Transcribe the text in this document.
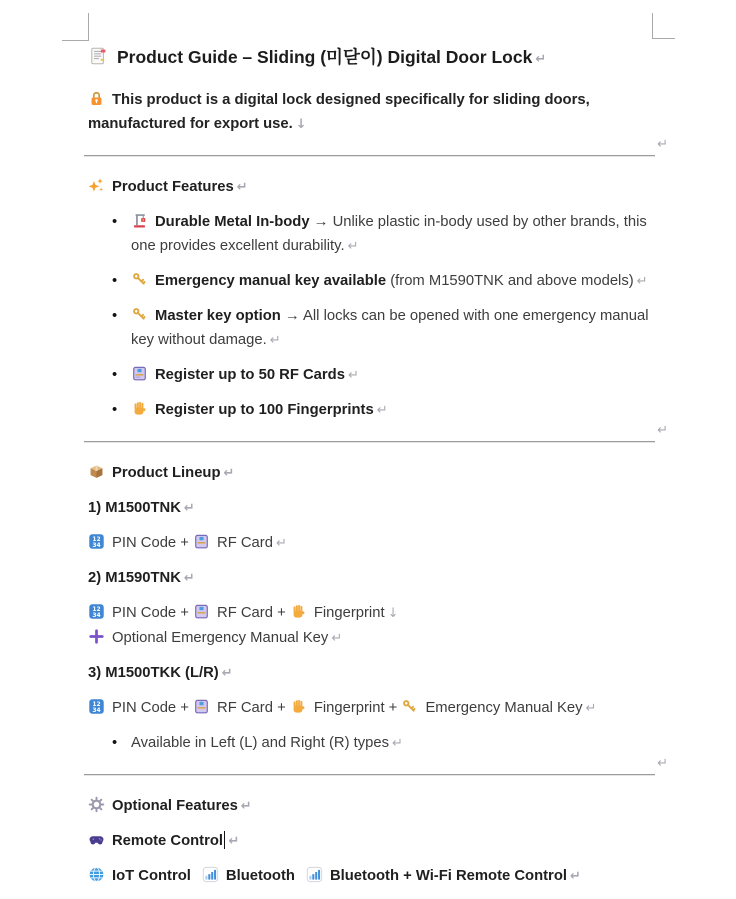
Product Guide – Sliding (미닫이) Digital Door Lock ↵

This product is a digital lock designed specifically for sliding doors, manufactured for export use. ↓

↵
Product Features ↵
•	Durable Metal In-body → Unlike plastic in-body used by other brands, this one provides excellent durability. ↵
•	Emergency manual key available (from M1590TNK and above models) ↵
•	Master key option → All locks can be opened with one emergency manual key without damage. ↵
•	Register up to 50 RF Cards ↵
•	Register up to 100 Fingerprints ↵
↵
Product Lineup ↵

1) M1500TNK ↵

12
34 PIN Code + RF Card ↵

2) M1590TNK ↵

12
34 PIN Code + RF Card + Fingerprint ↓
Optional Emergency Manual Key ↵

3) M1500TKK (L/R) ↵

12
34 PIN Code + RF Card + Fingerprint + Emergency Manual Key ↵

• Available in Left (L) and Right (R) types ↵
↵
Optional Features ↵

Remote Control ↵

IoT Control Bluetooth Bluetooth + Wi-Fi Remote Control ↵
